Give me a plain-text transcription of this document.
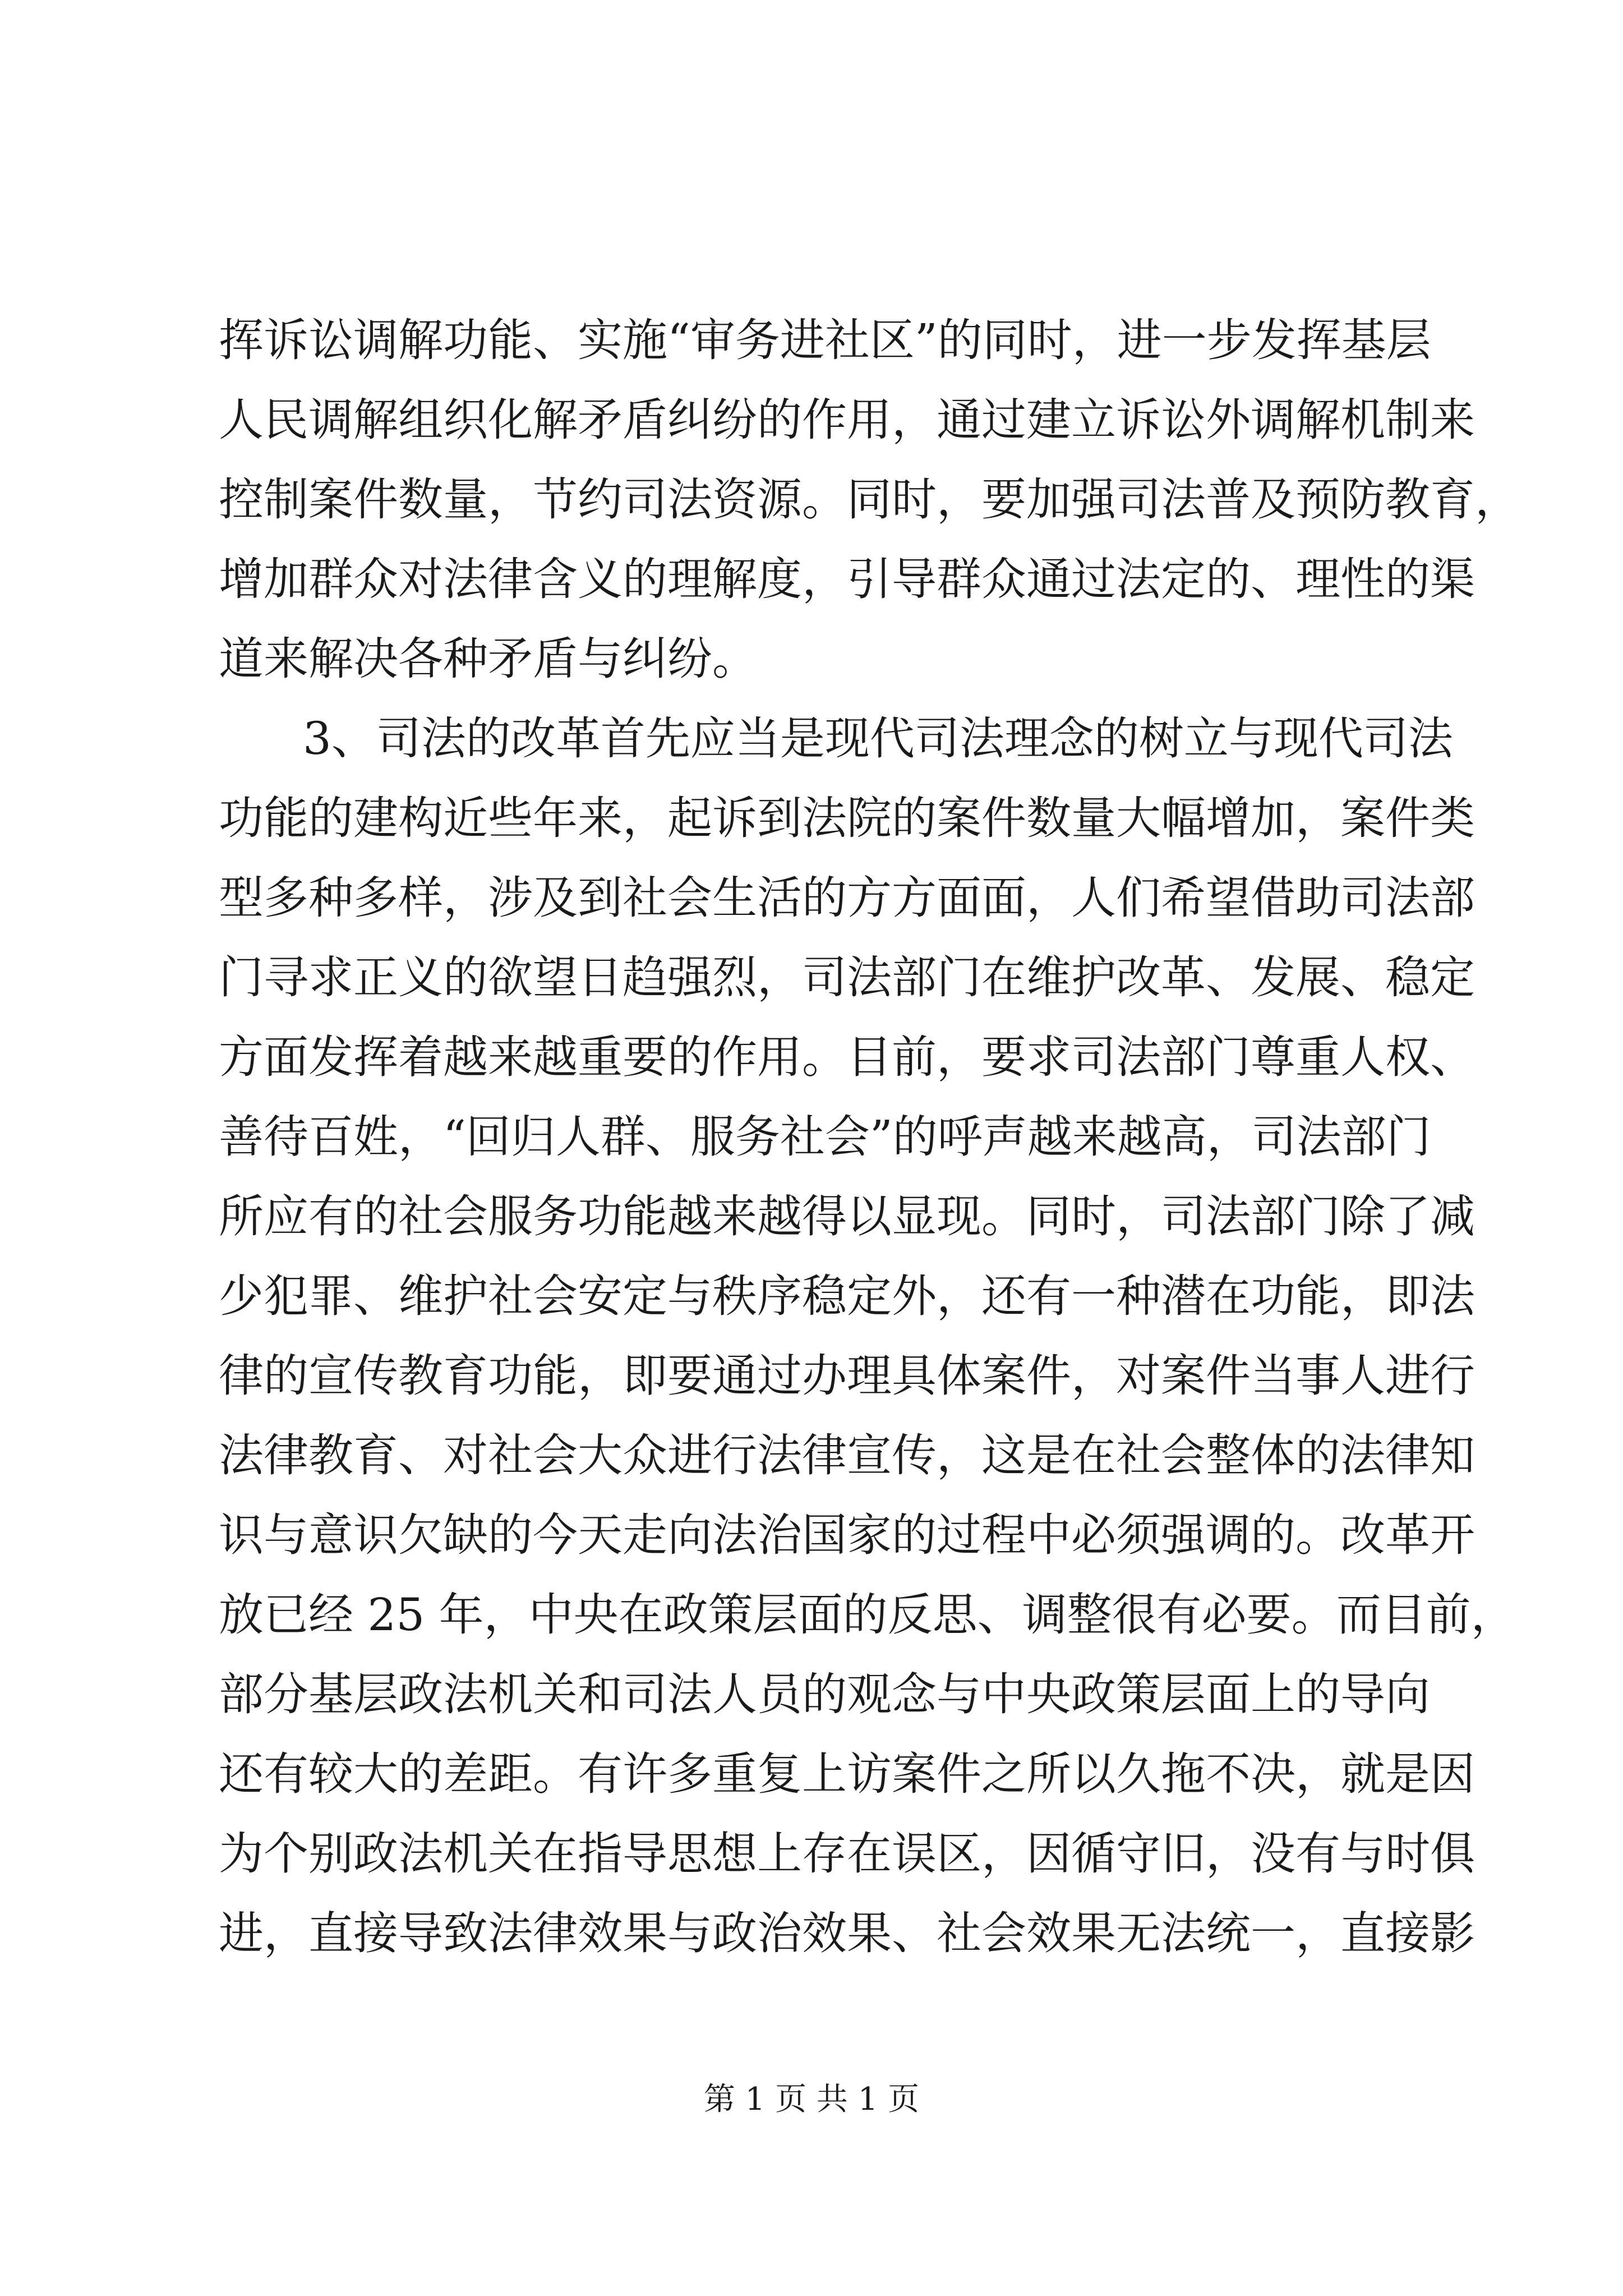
挥诉讼调解功能、实施“审务进社区”的同时，进一步发挥基层
人民调解组织化解矛盾纠纷的作用，通过建立诉讼外调解机制来
控制案件数量，节约司法资源。同时，要加强司法普及预防教育，
增加群众对法律含义的理解度，引导群众通过法定的、理性的渠
道来解决各种矛盾与纠纷。
3、司法的改革首先应当是现代司法理念的树立与现代司法
功能的建构近些年来，起诉到法院的案件数量大幅增加，案件类
型多种多样，涉及到社会生活的方方面面，人们希望借助司法部
门寻求正义的欲望日趋强烈，司法部门在维护改革、发展、稳定
方面发挥着越来越重要的作用。目前，要求司法部门尊重人权、
善待百姓，“回归人群、服务社会”的呼声越来越高，司法部门
所应有的社会服务功能越来越得以显现。同时，司法部门除了减
少犯罪、维护社会安定与秩序稳定外，还有一种潜在功能，即法
律的宣传教育功能，即要通过办理具体案件，对案件当事人进行
法律教育、对社会大众进行法律宣传，这是在社会整体的法律知
识与意识欠缺的今天走向法治国家的过程中必须强调的。改革开
放已经 25 年，中央在政策层面的反思、调整很有必要。而目前，
部分基层政法机关和司法人员的观念与中央政策层面上的导向
还有较大的差距。有许多重复上访案件之所以久拖不决，就是因
为个别政法机关在指导思想上存在误区，因循守旧，没有与时俱
进，直接导致法律效果与政治效果、社会效果无法统一，直接影
第 1 页 共 1 页
